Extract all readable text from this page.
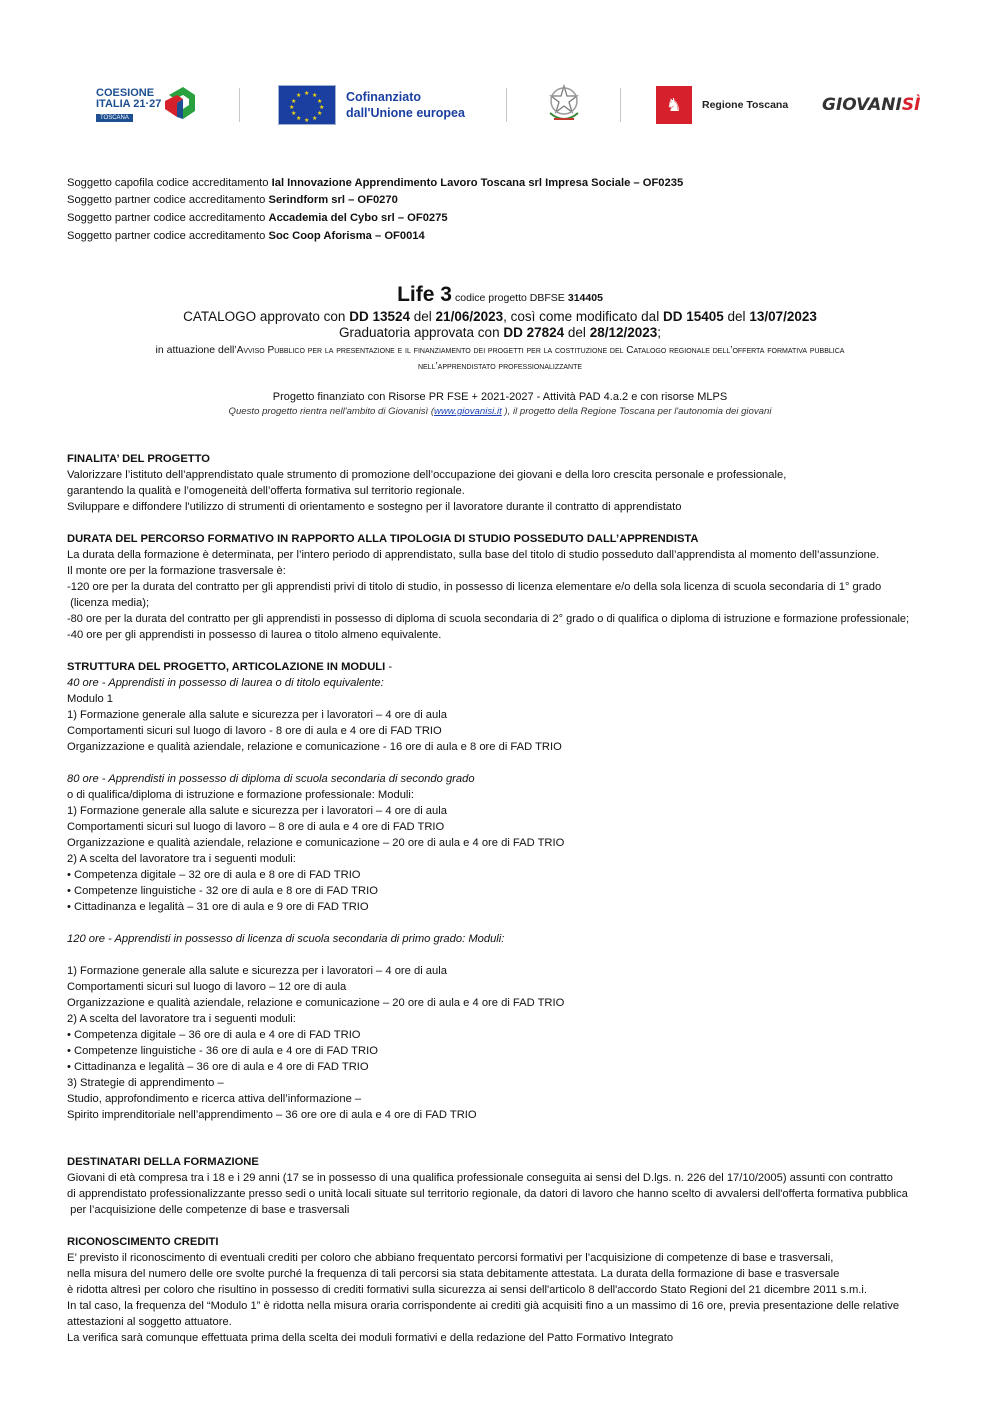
COESIONE
ITALIA 21·27
TOSCANA
★ ★
★
★
★
★
★
★
★
★
★
★	Cofinanziato
dall'Unione europea	♞	Regione Toscana GIOVANI SÌ
Soggetto capofila codice accreditamento Ial Innovazione Apprendimento Lavoro Toscana srl Impresa Sociale – OF0235
Soggetto partner codice accreditamento Serindform srl – OF0270
Soggetto partner codice accreditamento Accademia del Cybo srl – OF0275
Soggetto partner codice accreditamento Soc Coop Aforisma – OF0014
Life 3 codice progetto DBFSE 314405
CATALOGO approvato con DD 13524 del 21/06/2023, così come modificato dal DD 15405 del 13/07/2023
Graduatoria approvata con DD 27824 del 28/12/2023;
in attuazione dell’Avviso Pubblico per la presentazione e il finanziamento dei progetti per la costituzione del Catalogo regionale dell’offerta formativa pubblica
nell’apprendistato professionalizzante
Progetto finanziato con Risorse PR FSE + 2021-2027 - Attività PAD 4.a.2 e con risorse MLPS
Questo progetto rientra nell'ambito di Giovanisì (www.giovanisi.it ), il progetto della Regione Toscana per l'autonomia dei giovani
FINALITA’ DEL PROGETTO
Valorizzare l’istituto dell’apprendistato quale strumento di promozione dell’occupazione dei giovani e della loro crescita personale e professionale,
garantendo la qualità e l’omogeneità dell’offerta formativa sul territorio regionale.
Sviluppare e diffondere l'utilizzo di strumenti di orientamento e sostegno per il lavoratore durante il contratto di apprendistato
DURATA DEL PERCORSO FORMATIVO IN RAPPORTO ALLA TIPOLOGIA DI STUDIO POSSEDUTO DALL’APPRENDISTA
La durata della formazione è determinata, per l’intero periodo di apprendistato, sulla base del titolo di studio posseduto dall’apprendista al momento dell’assunzione.
Il monte ore per la formazione trasversale è:
-120 ore per la durata del contratto per gli apprendisti privi di titolo di studio, in possesso di licenza elementare e/o della sola licenza di scuola secondaria di 1° grado
(licenza media);
-80 ore per la durata del contratto per gli apprendisti in possesso di diploma di scuola secondaria di 2° grado o di qualifica o diploma di istruzione e formazione professionale;
-40 ore per gli apprendisti in possesso di laurea o titolo almeno equivalente.
STRUTTURA DEL PROGETTO, ARTICOLAZIONE IN MODULI -
40 ore - Apprendisti in possesso di laurea o di titolo equivalente:
Modulo 1
1) Formazione generale alla salute e sicurezza per i lavoratori – 4 ore di aula
Comportamenti sicuri sul luogo di lavoro - 8 ore di aula e 4 ore di FAD TRIO
Organizzazione e qualità aziendale, relazione e comunicazione - 16 ore di aula e 8 ore di FAD TRIO
80 ore - Apprendisti in possesso di diploma di scuola secondaria di secondo grado
o di qualifica/diploma di istruzione e formazione professionale: Moduli:
1) Formazione generale alla salute e sicurezza per i lavoratori – 4 ore di aula
Comportamenti sicuri sul luogo di lavoro – 8 ore di aula e 4 ore di FAD TRIO
Organizzazione e qualità aziendale, relazione e comunicazione – 20 ore di aula e 4 ore di FAD TRIO
2) A scelta del lavoratore tra i seguenti moduli:
• Competenza digitale – 32 ore di aula e 8 ore di FAD TRIO
• Competenze linguistiche - 32 ore di aula e 8 ore di FAD TRIO
• Cittadinanza e legalità – 31 ore di aula e 9 ore di FAD TRIO
120 ore - Apprendisti in possesso di licenza di scuola secondaria di primo grado: Moduli:
1) Formazione generale alla salute e sicurezza per i lavoratori – 4 ore di aula
Comportamenti sicuri sul luogo di lavoro – 12 ore di aula
Organizzazione e qualità aziendale, relazione e comunicazione – 20 ore di aula e 4 ore di FAD TRIO
2) A scelta del lavoratore tra i seguenti moduli:
• Competenza digitale – 36 ore di aula e 4 ore di FAD TRIO
• Competenze linguistiche - 36 ore di aula e 4 ore di FAD TRIO
• Cittadinanza e legalità – 36 ore di aula e 4 ore di FAD TRIO
3) Strategie di apprendimento –
Studio, approfondimento e ricerca attiva dell’informazione –
Spirito imprenditoriale nell’apprendimento – 36 ore ore di aula e 4 ore di FAD TRIO
DESTINATARI DELLA FORMAZIONE
Giovani di età compresa tra i 18 e i 29 anni (17 se in possesso di una qualifica professionale conseguita ai sensi del D.lgs. n. 226 del 17/10/2005) assunti con contratto
di apprendistato professionalizzante presso sedi o unità locali situate sul territorio regionale, da datori di lavoro che hanno scelto di avvalersi dell'offerta formativa pubblica
per l’acquisizione delle competenze di base e trasversali
RICONOSCIMENTO CREDITI
E’ previsto il riconoscimento di eventuali crediti per coloro che abbiano frequentato percorsi formativi per l’acquisizione di competenze di base e trasversali,
nella misura del numero delle ore svolte purché la frequenza di tali percorsi sia stata debitamente attestata. La durata della formazione di base e trasversale
è ridotta altresì per coloro che risultino in possesso di crediti formativi sulla sicurezza ai sensi dell'articolo 8 dell'accordo Stato Regioni del 21 dicembre 2011 s.m.i.
In tal caso, la frequenza del “Modulo 1” è ridotta nella misura oraria corrispondente ai crediti già acquisiti fino a un massimo di 16 ore, previa presentazione delle relative
attestazioni al soggetto attuatore.
La verifica sarà comunque effettuata prima della scelta dei moduli formativi e della redazione del Patto Formativo Integrato
